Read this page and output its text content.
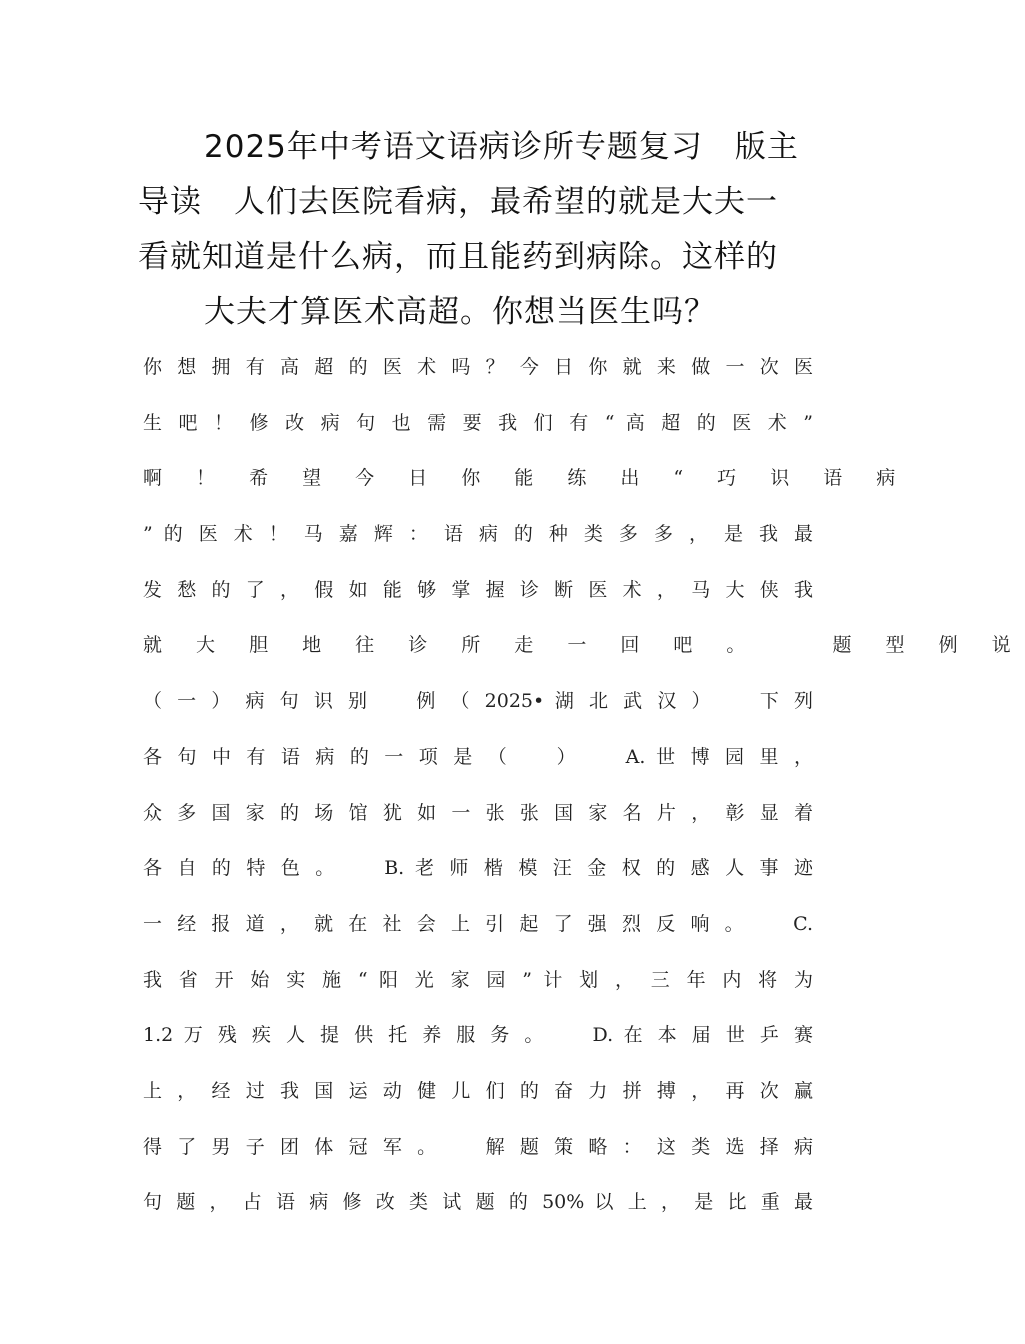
2025年中考语文语病诊所专题复习　版主
导读　人们去医院看病，最希望的就是大夫一
看就知道是什么病，而且能药到病除。这样的
大夫才算医术高超。你想当医生吗？
你 想 拥 有 高 超 的 医 术 吗 ？ 今 日 你 就 来 做 一 次 医
生 吧 ！ 修 改 病 句 也 需 要 我 们 有 “ 高 超 的 医 术 ”
啊 ！ 希 望 今 日 你 能 练 出 “ 巧 识 语 病
” 的 医 术 ！ 马 嘉 辉 ： 语 病 的 种 类 多 多 ， 是 我 最
发 愁 的 了 ， 假 如 能 够 掌 握 诊 断 医 术 ， 马 大 侠 我
就 大 胆 地 往 诊 所 走 一 回 吧 。 　 题 型 例 说
（ 一 ） 病 句 识 别 　 例 （ 2025• 湖 北 武 汉 ） 　 下 列
各 句 中 有 语 病 的 一 项 是 （ 　 ） 　 A. 世 博 园 里 ，
众 多 国 家 的 场 馆 犹 如 一 张 张 国 家 名 片 ， 彰 显 着
各 自 的 特 色 。 　 B. 老 师 楷 模 汪 金 权 的 感 人 事 迹
一 经 报 道 ， 就 在 社 会 上 引 起 了 强 烈 反 响 。 　 C.
我 省 开 始 实 施 “ 阳 光 家 园 ” 计 划 ， 三 年 内 将 为
1.2 万 残 疾 人 提 供 托 养 服 务 。 　 D. 在 本 届 世 乒 赛
上 ， 经 过 我 国 运 动 健 儿 们 的 奋 力 拼 搏 ， 再 次 赢
得 了 男 子 团 体 冠 军 。 　 解 题 策 略 ： 这 类 选 择 病
句 题 ， 占 语 病 修 改 类 试 题 的 50% 以 上 ， 是 比 重 最
